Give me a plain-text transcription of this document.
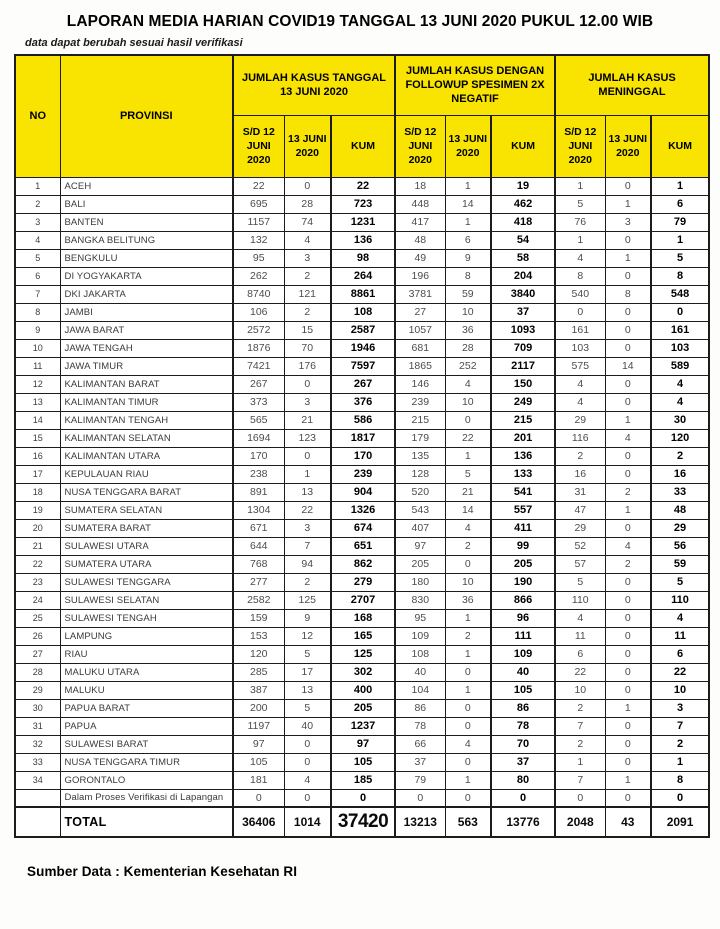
LAPORAN MEDIA HARIAN COVID19 TANGGAL 13 JUNI 2020 PUKUL 12.00 WIB
data dapat berubah sesuai hasil verifikasi
NO	PROVINSI	JUMLAH KASUS TANGGAL 13 JUNI 2020			JUMLAH KASUS DENGAN FOLLOWUP SPESIMEN 2X NEGATIF			JUMLAH KASUS MENINGGAL		
		S/D 12 JUNI 2020	13 JUNI 2020	KUM	S/D 12 JUNI 2020	13 JUNI 2020	KUM	S/D 12 JUNI 2020	13 JUNI 2020	KUM
1	ACEH	22	0	22	18	1	19	1	0	1
2	BALI	695	28	723	448	14	462	5	1	6
3	BANTEN	1157	74	1231	417	1	418	76	3	79
4	BANGKA BELITUNG	132	4	136	48	6	54	1	0	1
5	BENGKULU	95	3	98	49	9	58	4	1	5
6	DI YOGYAKARTA	262	2	264	196	8	204	8	0	8
7	DKI JAKARTA	8740	121	8861	3781	59	3840	540	8	548
8	JAMBI	106	2	108	27	10	37	0	0	0
9	JAWA BARAT	2572	15	2587	1057	36	1093	161	0	161
10	JAWA TENGAH	1876	70	1946	681	28	709	103	0	103
11	JAWA TIMUR	7421	176	7597	1865	252	2117	575	14	589
12	KALIMANTAN BARAT	267	0	267	146	4	150	4	0	4
13	KALIMANTAN TIMUR	373	3	376	239	10	249	4	0	4
14	KALIMANTAN TENGAH	565	21	586	215	0	215	29	1	30
15	KALIMANTAN SELATAN	1694	123	1817	179	22	201	116	4	120
16	KALIMANTAN UTARA	170	0	170	135	1	136	2	0	2
17	KEPULAUAN RIAU	238	1	239	128	5	133	16	0	16
18	NUSA TENGGARA BARAT	891	13	904	520	21	541	31	2	33
19	SUMATERA SELATAN	1304	22	1326	543	14	557	47	1	48
20	SUMATERA BARAT	671	3	674	407	4	411	29	0	29
21	SULAWESI UTARA	644	7	651	97	2	99	52	4	56
22	SUMATERA UTARA	768	94	862	205	0	205	57	2	59
23	SULAWESI TENGGARA	277	2	279	180	10	190	5	0	5
24	SULAWESI SELATAN	2582	125	2707	830	36	866	110	0	110
25	SULAWESI TENGAH	159	9	168	95	1	96	4	0	4
26	LAMPUNG	153	12	165	109	2	111	11	0	11
27	RIAU	120	5	125	108	1	109	6	0	6
28	MALUKU UTARA	285	17	302	40	0	40	22	0	22
29	MALUKU	387	13	400	104	1	105	10	0	10
30	PAPUA BARAT	200	5	205	86	0	86	2	1	3
31	PAPUA	1197	40	1237	78	0	78	7	0	7
32	SULAWESI BARAT	97	0	97	66	4	70	2	0	2
33	NUSA TENGGARA TIMUR	105	0	105	37	0	37	1	0	1
34	GORONTALO	181	4	185	79	1	80	7	1	8
	Dalam Proses Verifikasi di Lapangan	0	0	0	0	0	0	0	0	0
	TOTAL	36406	1014	37420	13213	563	13776	2048	43	2091
Sumber Data : Kementerian Kesehatan RI
